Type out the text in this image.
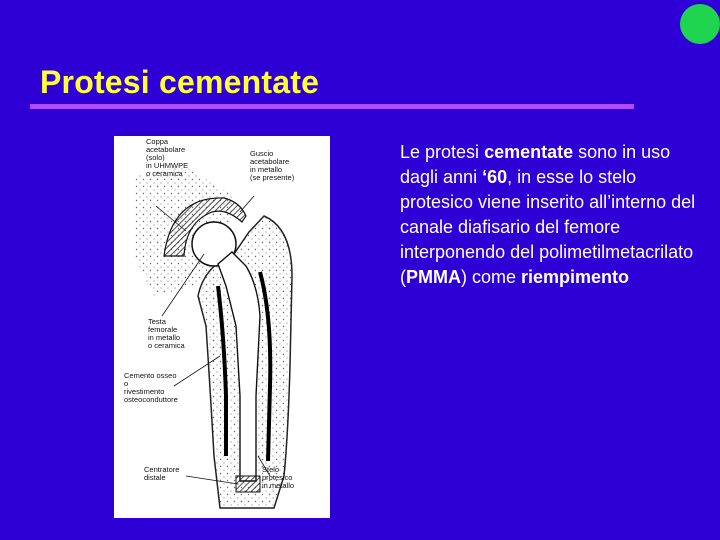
Protesi cementate
Coppa
acetabolare
(solo)
in UHMWPE
o ceramica
Guscio
acetabolare
in metallo
(se presente)
Testa
femorale
in metallo
o ceramica
Cemento osseo
o
rivestimento
osteoconduttore
Centratore
distale
Stelo
protesico
in metallo
Le protesi cementate sono in uso dagli anni ‘60, in esse lo stelo protesico viene inserito all’interno del canale diafisario del femore interponendo del polimetilmetacrilato (PMMA) come riempimento
